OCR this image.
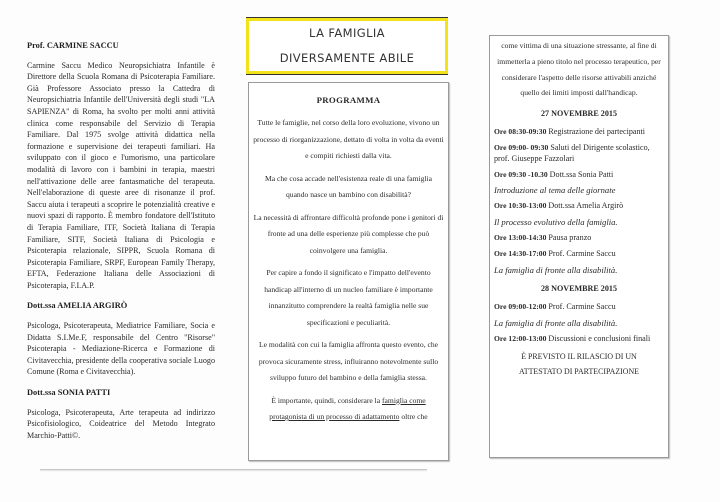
Prof. CARMINE SACCU

Carmine Saccu Medico Neuropsichiatra Infantile è Direttore della Scuola Romana di Psicoterapia Familiare. Già Professore Associato presso la Cattedra di Neuropsichiatria Infantile dell'Università degli studi "LA SAPIENZA" di Roma, ha svolto per molti anni attività clinica come responsabile del Servizio di Terapia Familiare. Dal 1975 svolge attività didattica nella formazione e supervisione dei terapeuti familiari. Ha sviluppato con il gioco e l'umorismo, una particolare modalità di lavoro con i bambini in terapia, maestri nell'attivazione delle aree fantasmatiche del terapeuta. Nell'elaborazione di queste aree di risonanze il prof. Saccu aiuta i terapeuti a scoprire le potenzialità creative e nuovi spazi di rapporto. È membro fondatore dell'Istituto di Terapia Familiare, ITF, Società Italiana di Terapia Familiare, SITF, Società Italiana di Psicologia e Psicoterapia relazionale, SIPPR, Scuola Romana di Psicoterapia Familiare, SRPF, European Family Therapy, EFTA, Federazione Italiana delle Associazioni di Psicoterapia, F.I.A.P.

Dott.ssa AMELIA ARGIRÒ

Psicologa, Psicoterapeuta, Mediatrice Familiare, Socia e Didatta S.I.Me.F, responsabile del Centro "Risorse" Psicoterapia - Mediazione-Ricerca e Formazione di Civitavecchia, presidente della cooperativa sociale Luogo Comune (Roma e Civitavecchia).

Dott.ssa SONIA PATTI

Psicologa, Psicoterapeuta, Arte terapeuta ad indirizzo Psicofisiologico, Coideatrice del Metodo Integrato Marchio-Patti©.

LA FAMIGLIA
DIVERSAMENTE ABILE
PROGRAMMA

Tutte le famiglie, nel corso della loro evoluzione, vivono un processo di riorganizzazione, dettato di volta in volta da eventi e compiti richiesti dalla vita.

Ma che cosa accade nell'esistenza reale di una famiglia quando nasce un bambino con disabilità?

La necessità di affrontare difficoltà profonde pone i genitori di fronte ad una delle esperienze più complesse che può coinvolgere una famiglia.

Per capire a fondo il significato e l'impatto dell'evento handicap all'interno di un nucleo familiare è importante innanzitutto comprendere la realtà famiglia nelle sue specificazioni e peculiarità.

Le modalità con cui la famiglia affronta questo evento, che provoca sicuramente stress, influiranno notevolmente sullo sviluppo futuro del bambino e della famiglia stessa.

È importante, quindi, considerare la famiglia come protagonista di un processo di adattamento oltre che

come vittima di una situazione stressante, al fine di immetterla a pieno titolo nel processo terapeutico, per considerare l'aspetto delle risorse attivabili anziché quello dei limiti imposti dall'handicap.

27 NOVEMBRE 2015
Ore 08:30-09:30 Registrazione dei partecipanti
Ore 09:00- 09:30 Saluti del Dirigente scolastico, prof. Giuseppe Fazzolari
Ore 09:30 -10.30 Dott.ssa Sonia Patti
Introduzione al tema delle giornate
Ore 10:30-13:00 Dott.ssa Amelia Argirò
Il processo evolutivo della famiglia.
Ore 13:00-14:30 Pausa pranzo
Ore 14:30-17:00 Prof. Carmine Saccu
La famiglia di fronte alla disabilità.
28 NOVEMBRE 2015
Ore 09:00-12:00 Prof. Carmine Saccu
La famiglia di fronte alla disabilità.
Ore 12:00-13:00 Discussioni e conclusioni finali
È PREVISTO IL RILASCIO DI UN
ATTESTATO DI PARTECIPAZIONE
